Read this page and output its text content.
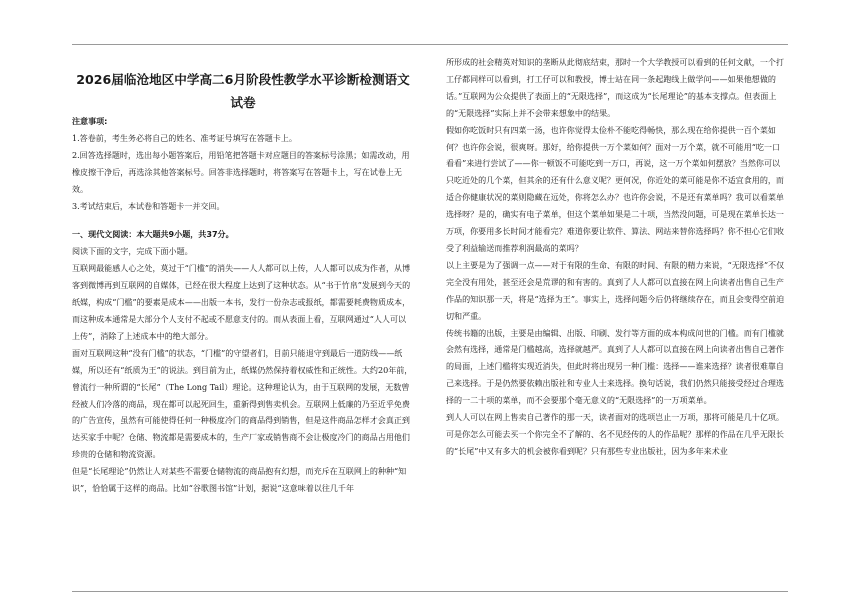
2026届临沧地区中学高二6月阶段性教学水平诊断检测语文试卷
注意事项:
1.答卷前，考生务必将自己的姓名、准考证号填写在答题卡上。
2.回答选择题时，选出每小题答案后，用铅笔把答题卡对应题目的答案标号涂黑；如需改动，用橡皮擦干净后，再选涂其他答案标号。回答非选择题时，将答案写在答题卡上，写在试卷上无效。
3.考试结束后，本试卷和答题卡一并交回。
一、现代文阅读：本大题共9小题，共37分。
阅读下面的文字，完成下面小题。
互联网最能感人心之处，莫过于“门槛”的消失——人人都可以上传，人人都可以成为作者，从博客到微博再到互联网的自媒体，已经在很大程度上达到了这种状态。从“书于竹帛”发展到今天的纸媒，构成“门槛”的要素是成本——出版一本书，发行一份杂志或报纸，都需要耗费物质成本，而这种成本通常是大部分个人支付不起或不愿意支付的。而从表面上看，互联网通过“人人可以上传”，消除了上述成本中的绝大部分。
面对互联网这种“没有门槛”的状态，“门槛”的守望者们，目前只能退守到最后一道防线——纸媒，所以还有“纸质为王”的说法。到目前为止，纸媒仍然保持着权威性和正统性。大约20年前，曾流行一种所谓的“长尾”（The Long Tail）理论。这种理论认为，由于互联网的发展，无数曾经被人们冷落的商品，现在都可以起死回生，重新得到售卖机会。互联网上低廉的乃至近乎免费的广告宣传，虽然有可能使得任何一种极度冷门的商品得到销售，但是这件商品怎样才会真正到达买家手中呢？仓储、物流都是需要成本的，生产厂家或销售商不会让极度冷门的商品占用他们珍贵的仓储和物流资源。
但是“长尾理论”仍然让人对某些不需要仓储物流的商品抱有幻想，而充斥在互联网上的种种“知识”，恰恰属于这样的商品。比如“谷歌图书馆”计划，据说“这意味着以往几千年
所形成的社会精英对知识的垄断从此彻底结束，那时一个大学教授可以看到的任何文献，一个打工仔都同样可以看到，打工仔可以和教授，博士站在同一条起跑线上做学问——如果他想做的话。”互联网为公众提供了表面上的“无限选择”，而这成为“长尾理论”的基本支撑点。但表面上的“无限选择”实际上并不会带来想象中的结果。
假如你吃饭时只有四菜一汤，也许你觉得太俭朴不能吃得畅快，那么现在给你提供一百个菜如何？也许你会说，很爽呀。那好，给你提供一万个菜如何？面对一万个菜，就不可能用“吃一口看看”来进行尝试了——你一顿饭不可能吃到一万口，再说，这一万个菜如何摆放？当然你可以只吃近处的几个菜，但其余的还有什么意义呢？更何况，你近处的菜可能是你不适宜食用的，而适合你健康状况的菜则隐藏在远处，你将怎么办？也许你会说，不是还有菜单吗？我可以看菜单选择呀？是的，确实有电子菜单，但这个菜单如果是二十项，当然没问题，可是现在菜单长达一万项，你要用多长时间才能看完？难道你要让软件、算法、网站来替你选择吗？你不担心它们收受了利益输送而推荐利润最高的菜吗？
以上主要是为了强调一点——对于有限的生命、有限的时间、有限的精力来说，“无限选择”不仅完全没有用处，甚至还会是荒谬的和有害的。真到了人人都可以直接在网上向读者出售自己生产作品的知识那一天，将是“选择为王”。事实上，选择问题今后仍将继续存在，而且会变得空前迫切和严重。
传统书籍的出版，主要是由编辑、出版、印刷、发行等方面的成本构成问世的门槛。而有门槛就会然有选择，通常是门槛越高，选择就越严。真到了人人都可以直接在网上向读者出售自己著作的局面，上述门槛将实现近消失，但此时将出现另一种门槛：选择——谁来选择？读者很难靠自己来选择。于是仍然要依赖出版社和专业人士来选择。换句话说，我们仍然只能接受经过合理选择的一二十项的菜单，而不会要那个毫无意义的“无限选择”的一万项菜单。
到人人可以在网上售卖自己著作的那一天，读者面对的选项岂止一万项，那将可能是几十亿项。可是你怎么可能去买一个你完全不了解的、名不见经传的人的作品呢？那样的作品在几乎无限长的“长尾”中又有多大的机会被你看到呢？只有那些专业出版社，因为多年来术业
